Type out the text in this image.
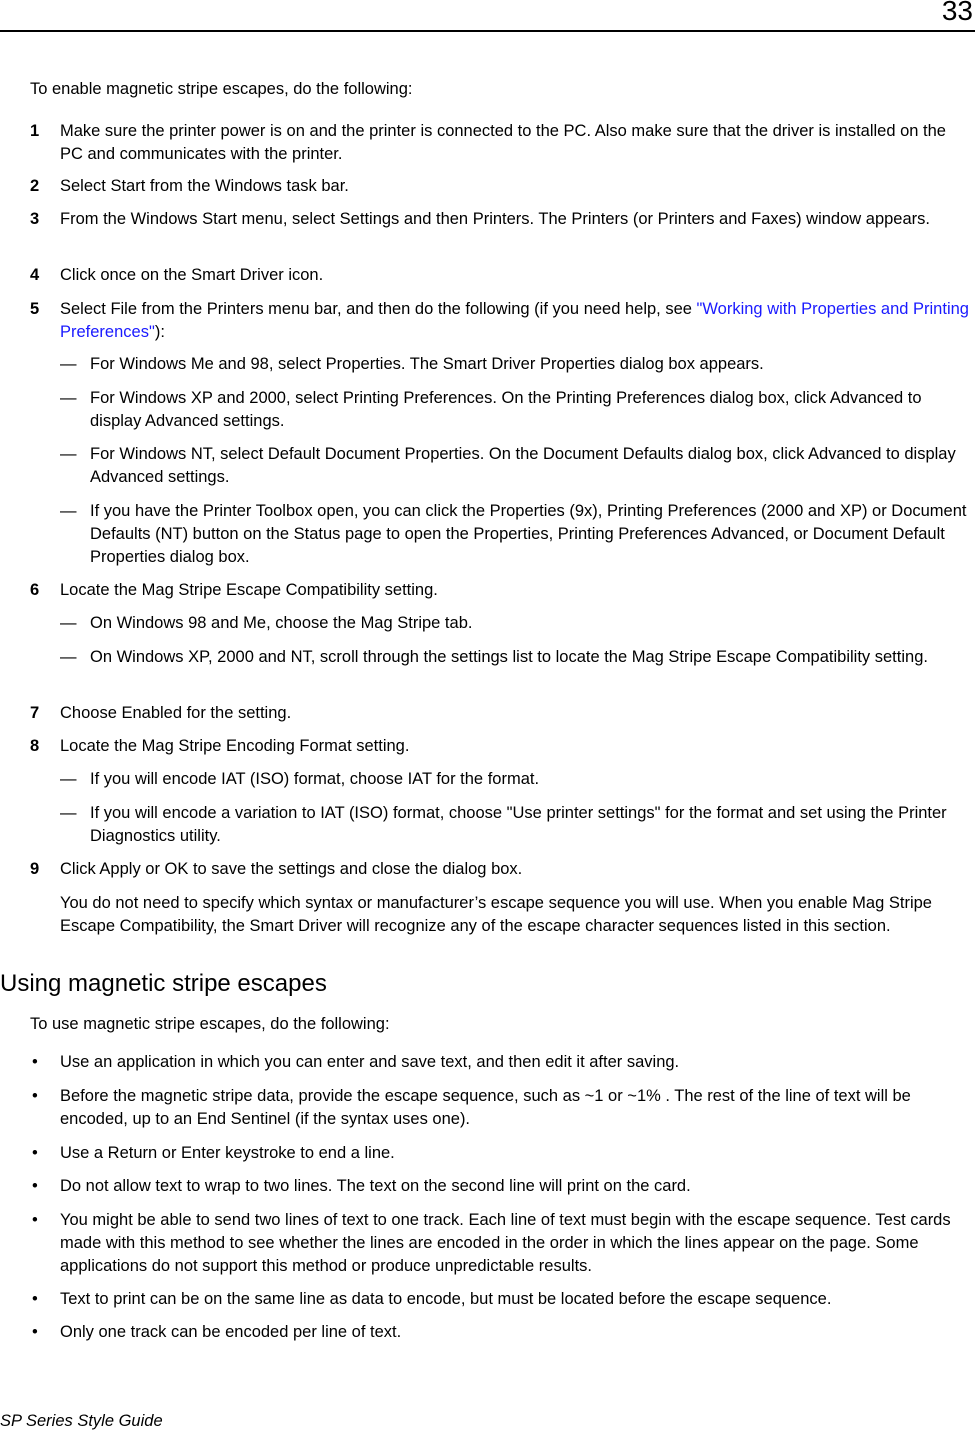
33
To enable magnetic stripe escapes, do the following:
1 Make sure the printer power is on and the printer is connected to the PC. Also make sure that the driver is installed on the PC and communicates with the printer.
2 Select Start from the Windows task bar.
3 From the Windows Start menu, select Settings and then Printers. The Printers (or Printers and Faxes) window appears.
4 Click once on the Smart Driver icon.
5 Select File from the Printers menu bar, and then do the following (if you need help, see "Working with Properties and Printing Preferences"):
— For Windows Me and 98, select Properties. The Smart Driver Properties dialog box appears.
— For Windows XP and 2000, select Printing Preferences. On the Printing Preferences dialog box, click Advanced to display Advanced settings.
— For Windows NT, select Default Document Properties. On the Document Defaults dialog box, click Advanced to display Advanced settings.
— If you have the Printer Toolbox open, you can click the Properties (9x), Printing Preferences (2000 and XP) or Document Defaults (NT) button on the Status page to open the Properties, Printing Preferences Advanced, or Document Default Properties dialog box.
6 Locate the Mag Stripe Escape Compatibility setting.
— On Windows 98 and Me, choose the Mag Stripe tab.
— On Windows XP, 2000 and NT, scroll through the settings list to locate the Mag Stripe Escape Compatibility setting.
7 Choose Enabled for the setting.
8 Locate the Mag Stripe Encoding Format setting.
— If you will encode IAT (ISO) format, choose IAT for the format.
— If you will encode a variation to IAT (ISO) format, choose "Use printer settings" for the format and set using the Printer Diagnostics utility.
9 Click Apply or OK to save the settings and close the dialog box.
You do not need to specify which syntax or manufacturer’s escape sequence you will use. When you enable Mag Stripe Escape Compatibility, the Smart Driver will recognize any of the escape character sequences listed in this section.
Using magnetic stripe escapes
To use magnetic stripe escapes, do the following:
• Use an application in which you can enter and save text, and then edit it after saving.
• Before the magnetic stripe data, provide the escape sequence, such as ~1 or ~1% . The rest of the line of text will be encoded, up to an End Sentinel (if the syntax uses one).
• Use a Return or Enter keystroke to end a line.
• Do not allow text to wrap to two lines. The text on the second line will print on the card.
• You might be able to send two lines of text to one track. Each line of text must begin with the escape sequence. Test cards made with this method to see whether the lines are encoded in the order in which the lines appear on the page. Some applications do not support this method or produce unpredictable results.
• Text to print can be on the same line as data to encode, but must be located before the escape sequence.
• Only one track can be encoded per line of text.
SP Series Style Guide
